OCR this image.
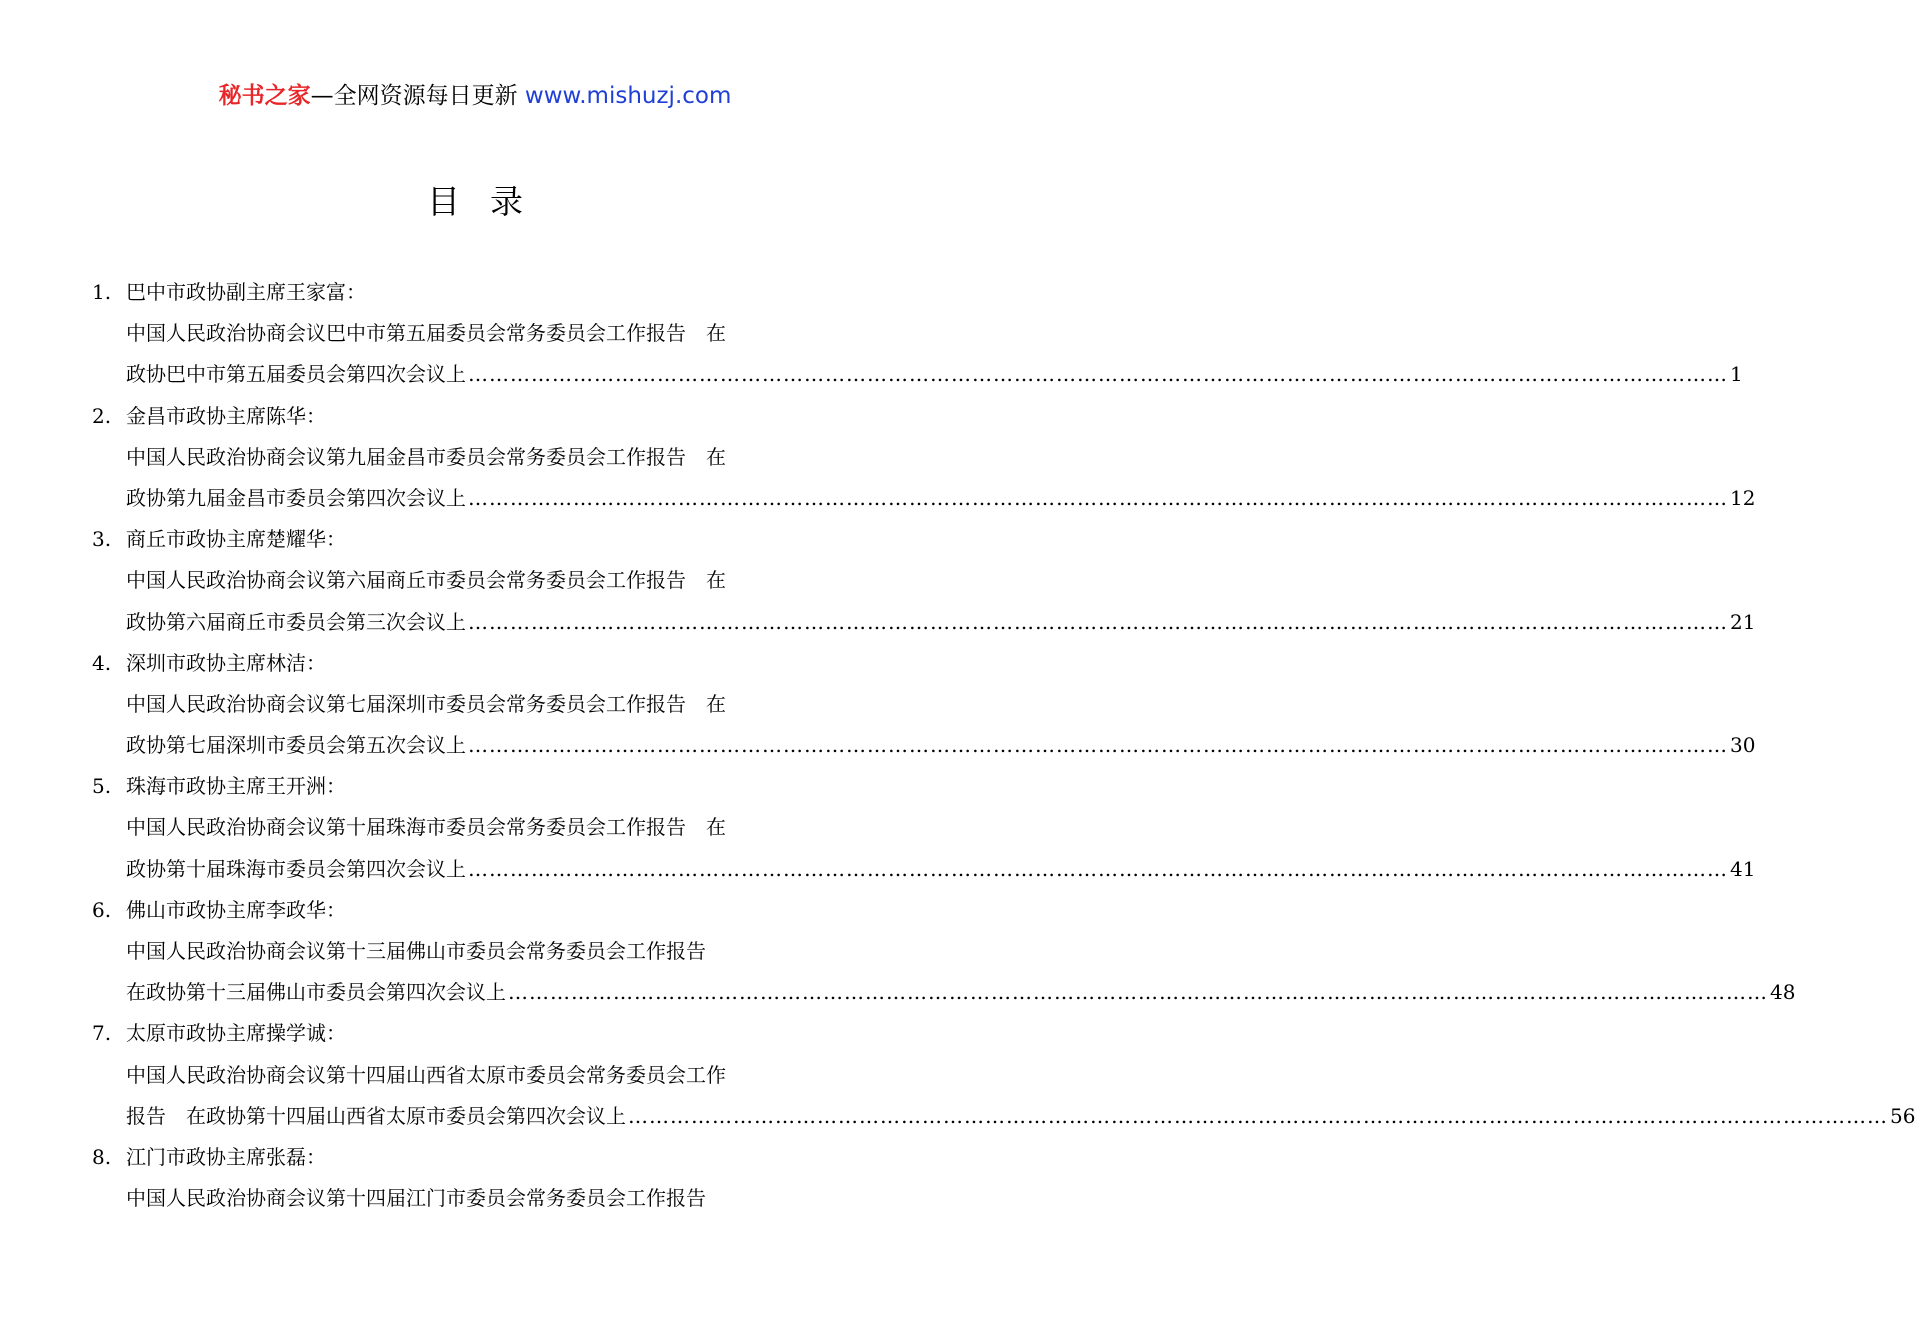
秘书之家—全网资源每日更新 www.mishuzj.com
目录
1. 巴中市政协副主席王家富：
中国人民政治协商会议巴中市第五届委员会常务委员会工作报告　在
政协巴中市第五届委员会第四次会议上 ……………………………………………………………………………………………………………………………………………………………… 1
2. 金昌市政协主席陈华：
中国人民政治协商会议第九届金昌市委员会常务委员会工作报告　在
政协第九届金昌市委员会第四次会议上 ……………………………………………………………………………………………………………………………………………………………… 12
3. 商丘市政协主席楚耀华：
中国人民政治协商会议第六届商丘市委员会常务委员会工作报告　在
政协第六届商丘市委员会第三次会议上 ……………………………………………………………………………………………………………………………………………………………… 21
4. 深圳市政协主席林洁：
中国人民政治协商会议第七届深圳市委员会常务委员会工作报告　在
政协第七届深圳市委员会第五次会议上 ……………………………………………………………………………………………………………………………………………………………… 30
5. 珠海市政协主席王开洲：
中国人民政治协商会议第十届珠海市委员会常务委员会工作报告　在
政协第十届珠海市委员会第四次会议上 ……………………………………………………………………………………………………………………………………………………………… 41
6. 佛山市政协主席李政华：
中国人民政治协商会议第十三届佛山市委员会常务委员会工作报告
在政协第十三届佛山市委员会第四次会议上 ……………………………………………………………………………………………………………………………………………………………… 48
7. 太原市政协主席操学诚：
中国人民政治协商会议第十四届山西省太原市委员会常务委员会工作
报告　在政协第十四届山西省太原市委员会第四次会议上 ……………………………………………………………………………………………………………………………………………………………… 56
8. 江门市政协主席张磊：
中国人民政治协商会议第十四届江门市委员会常务委员会工作报告
